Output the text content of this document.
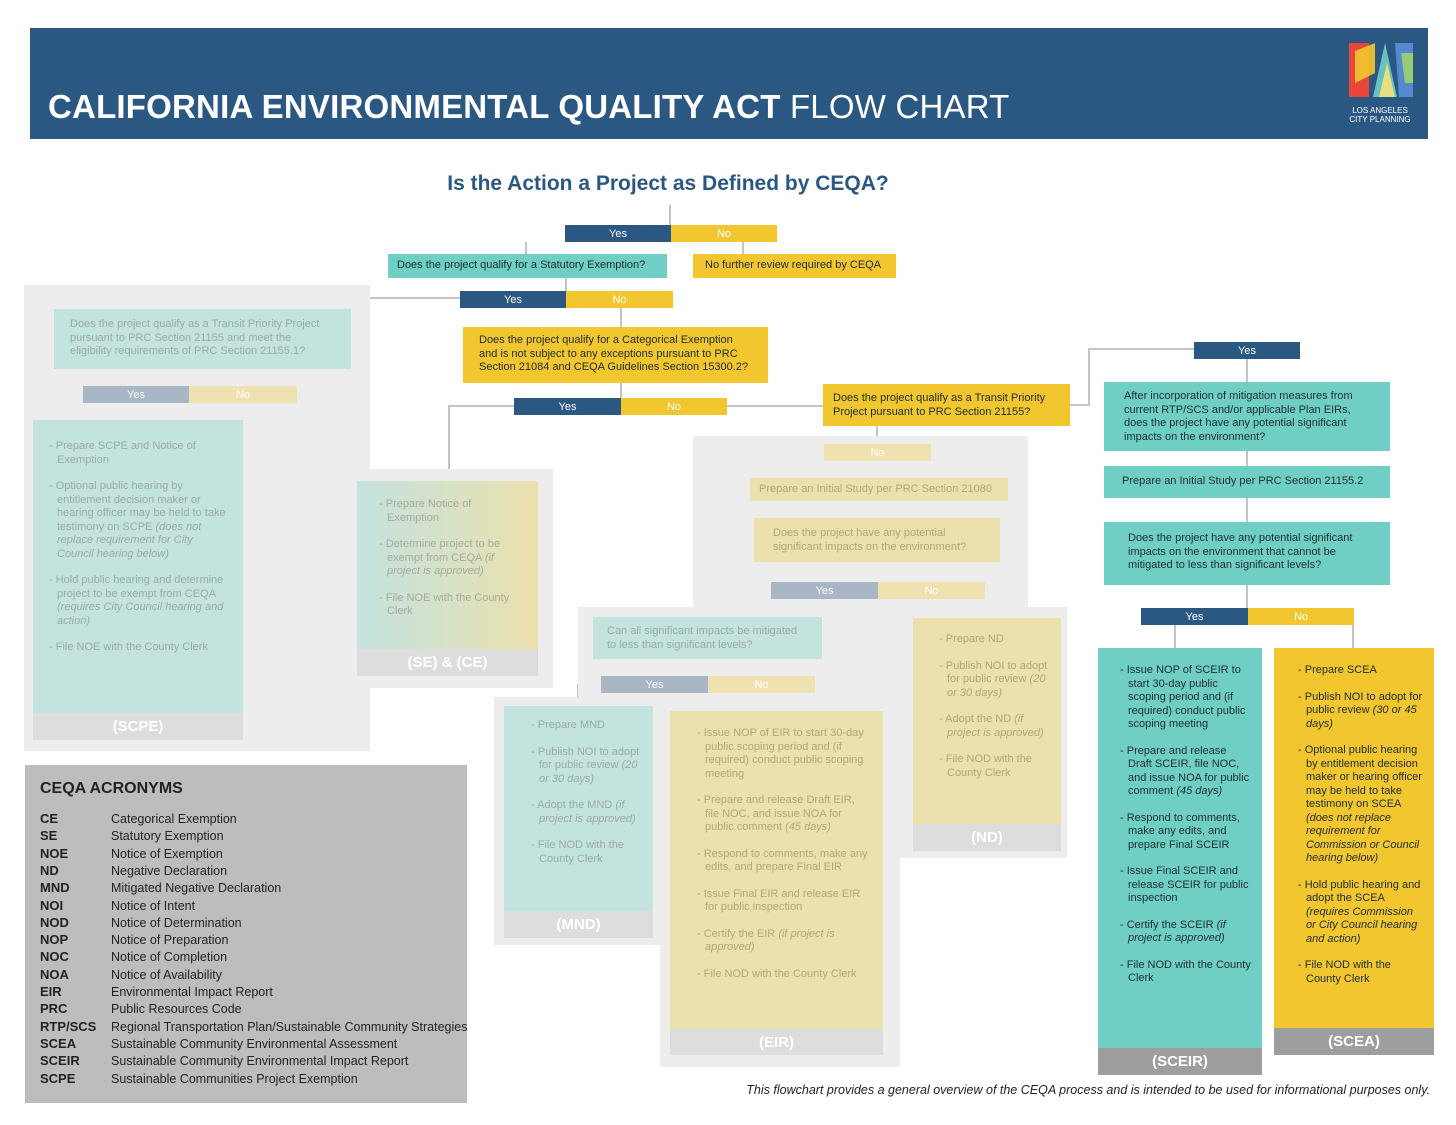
CALIFORNIA ENVIRONMENTAL QUALITY ACT FLOW CHART	LOS ANGELES
CITY PLANNING
Is the Action a Project as Defined by CEQA?
Yes	No
Does the project qualify for a Statutory Exemption?	No further review required by CEQA
Does the project qualify as a Transit Priority Project pursuant to PRC Section 21155 and meet the eligibility requirements of PRC Section 21155.1?
Yes	No
- Prepare SCPE and Notice of Exemption
- Optional public hearing by entitlement decision maker or hearing officer may be held to take testimony on SCPE (does not replace requirement for City Council hearing below)
- Hold public hearing and determine project to be exempt from CEQA (requires City Council hearing and action)
- File NOE with the County Clerk
(SCPE)
Yes	No
Does the project qualify for a Categorical Exemption and is not subject to any exceptions pursuant to PRC Section 21084 and CEQA Guidelines Section 15300.2?
- Prepare Notice of Exemption
- Determine project to be exempt from CEQA (if project is approved)
- File NOE with the County Clerk
(SE) & (CE)
Yes	No
Does the project qualify as a Transit Priority Project pursuant to PRC Section 21155?
No
Prepare an Initial Study per PRC Section 21080
Does the project have any potential significant impacts on the environment?
Yes	No
Can all significant impacts be mitigated to less than significant levels?
Yes	No
- Prepare ND
- Publish NOI to adopt for public review (20 or 30 days)
- Adopt the ND (if project is approved)
- File NOD with the County Clerk
(ND)
- Prepare MND
- Publish NOI to adopt for public review (20 or 30 days)
- Adopt the MND (if project is approved)
- File NOD with the County Clerk
(MND)
- Issue NOP of EIR to start 30-day public scoping period and (if required) conduct public scoping meeting
- Prepare and release Draft EIR, file NOC, and issue NOA for public comment (45 days)
- Respond to comments, make any edits, and prepare Final EIR
- Issue Final EIR and release EIR for public inspection
- Certify the EIR (if project is approved)
- File NOD with the County Clerk
(EIR)
Yes
After incorporation of mitigation measures from current RTP/SCS and/or applicable Plan EIRs, does the project have any potential significant impacts on the environment?
Prepare an Initial Study per PRC Section 21155.2
Does the project have any potential significant impacts on the environment that cannot be mitigated to less than significant levels?
Yes	No
- Issue NOP of SCEIR to start 30-day public scoping period and (if required) conduct public scoping meeting
- Prepare and release Draft SCEIR, file NOC, and issue NOA for public comment (45 days)
- Respond to comments, make any edits, and prepare Final SCEIR
- Issue Final SCEIR and release SCEIR for public inspection
- Certify the SCEIR (if project is approved)
- File NOD with the County Clerk
(SCEIR)
- Prepare SCEA
- Publish NOI to adopt for public review (30 or 45 days)
- Optional public hearing by entitlement decision maker or hearing officer may be held to take testimony on SCEA (does not replace requirement for Commission or Council hearing below)
- Hold public hearing and adopt the SCEA (requires Commission or City Council hearing and action)
- File NOD with the County Clerk
(SCEA)
CEQA ACRONYMS
CE	Categorical Exemption
SE	Statutory Exemption
NOE	Notice of Exemption
ND	Negative Declaration
MND	Mitigated Negative Declaration
NOI	Notice of Intent
NOD	Notice of Determination
NOP	Notice of Preparation
NOC	Notice of Completion
NOA	Notice of Availability
EIR	Environmental Impact Report
PRC	Public Resources Code
RTP/SCS Regional Transportation Plan/Sustainable Community Strategies
SCEA	Sustainable Community Environmental Assessment
SCEIR	Sustainable Community Environmental Impact Report
SCPE	Sustainable Communities Project Exemption
This flowchart provides a general overview of the CEQA process and is intended to be used for informational purposes only.
